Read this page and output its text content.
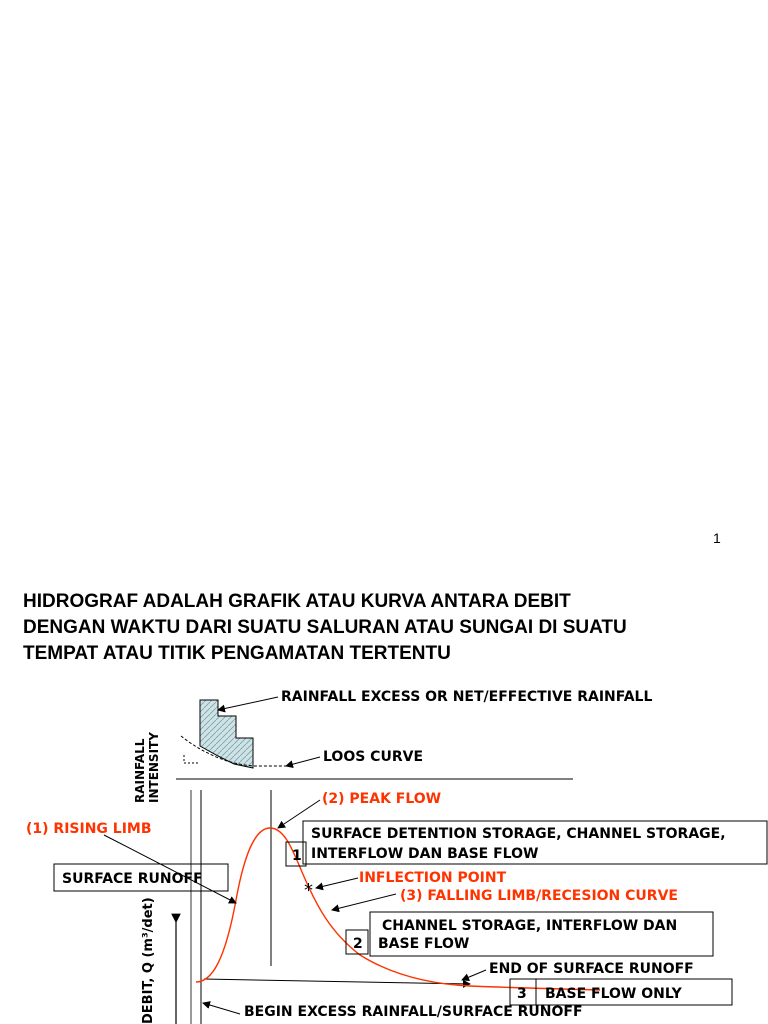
1
HIDROGRAF ADALAH GRAFIK ATAU KURVA ANTARA DEBIT
DENGAN WAKTU DARI SUATU SALURAN ATAU SUNGAI DI SUATU
TEMPAT ATAU TITIK PENGAMATAN TERTENTU
RAINFALL INTENSITY
DEBIT, Q (m³/det)
RAINFALL EXCESS OR NET/EFFECTIVE RAINFALL
LOOS CURVE
(2) PEAK FLOW
(1) RISING LIMB
SURFACE RUNOFF
1
SURFACE DETENTION STORAGE, CHANNEL STORAGE,
INTERFLOW DAN BASE FLOW
*
INFLECTION POINT
(3) FALLING LIMB/RECESION CURVE
2
CHANNEL STORAGE, INTERFLOW DAN
BASE FLOW
END OF SURFACE RUNOFF
3 BASE FLOW ONLY
BEGIN EXCESS RAINFALL/SURFACE RUNOFF
